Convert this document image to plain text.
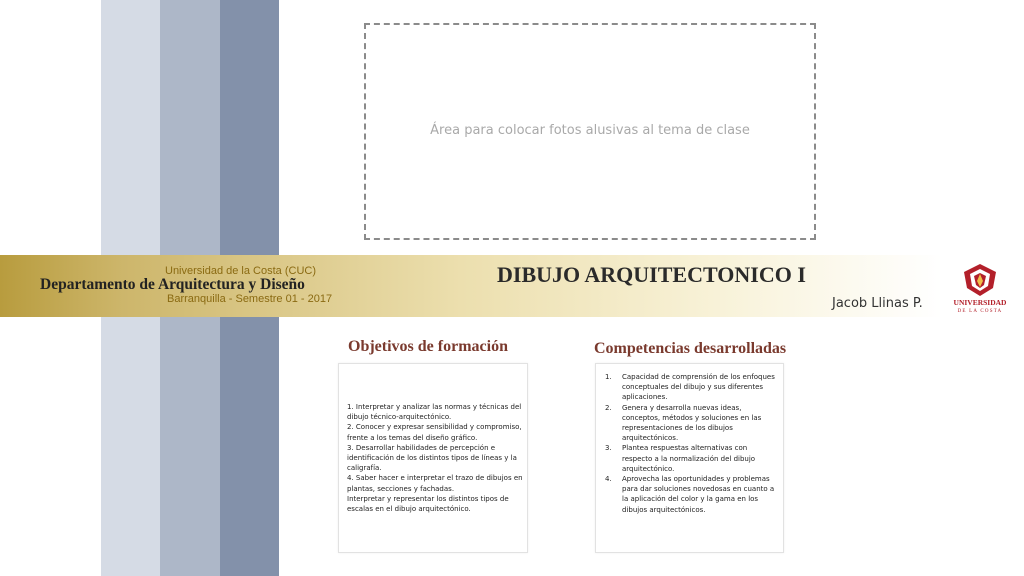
Área para colocar fotos alusivas al tema de clase
Universidad de la Costa (CUC)
Departamento de Arquitectura y Diseño
Barranquilla - Semestre 01 - 2017
DIBUJO ARQUITECTONICO I
Jacob Llinas P.	UNIVERSIDAD
DE LA COSTA
Objetivos de formación	Competencias desarrolladas
1. Interpretar y analizar las normas y técnicas del
dibujo técnico-arquitectónico.
2. Conocer y expresar sensibilidad y compromiso,
frente a los temas del diseño gráfico.
3. Desarrollar habilidades de percepción e
identificación de los distintos tipos de líneas y la
caligrafía.
4. Saber hacer e interpretar el trazo de dibujos en
plantas, secciones y fachadas.
Interpretar y representar los distintos tipos de
escalas en el dibujo arquitectónico.
1. Capacidad de comprensión de los enfoques
conceptuales del dibujo y sus diferentes
aplicaciones.
2. Genera y desarrolla nuevas ideas,
conceptos, métodos y soluciones en las
representaciones de los dibujos
arquitectónicos.
3. Plantea respuestas alternativas con
respecto a la normalización del dibujo
arquitectónico.
4. Aprovecha las oportunidades y problemas
para dar soluciones novedosas en cuanto a
la aplicación del color y la gama en los
dibujos arquitectónicos.
